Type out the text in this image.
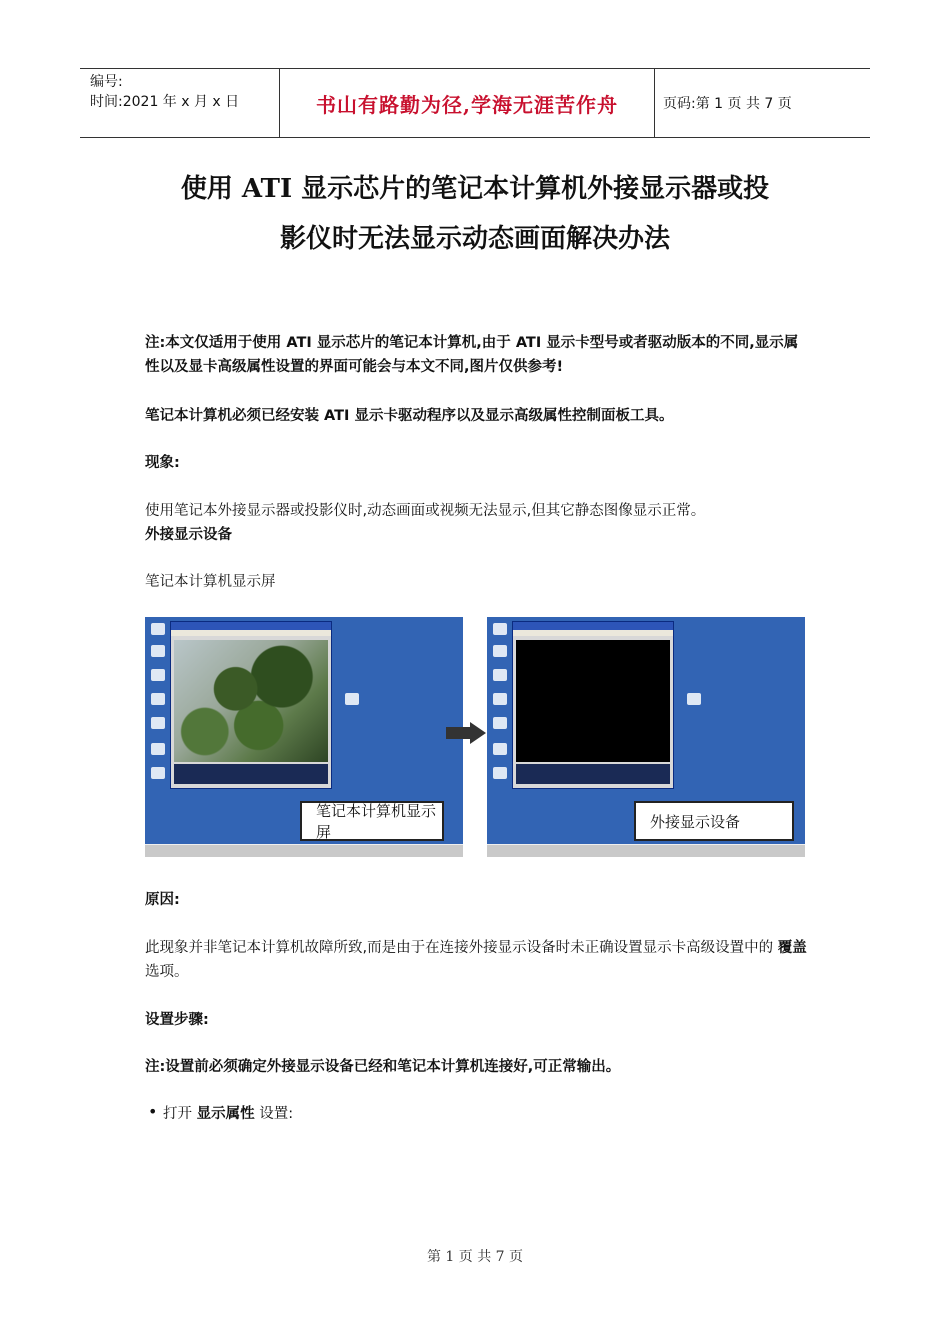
编号:
时间:2021 年 x 月 x 日	书山有路勤为径,学海无涯苦作舟	页码:第 1 页 共 7 页
使用 ATI 显示芯片的笔记本计算机外接显示器或投
影仪时无法显示动态画面解决办法
注:本文仅适用于使用 ATI 显示芯片的笔记本计算机,由于 ATI 显示卡型号或者驱动版本的不同,显示属性以及显卡高级属性设置的界面可能会与本文不同,图片仅供参考!
笔记本计算机必须已经安装 ATI 显示卡驱动程序以及显示高级属性控制面板工具。
现象:
使用笔记本外接显示器或投影仪时,动态画面或视频无法显示,但其它静态图像显示正常。
外接显示设备
笔记本计算机显示屏
笔记本计算机显示屏
外接显示设备
原因:
此现象并非笔记本计算机故障所致,而是由于在连接外接显示设备时未正确设置显示卡高级设置中的 覆盖 选项。
设置步骤:
注:设置前必须确定外接显示设备已经和笔记本计算机连接好,可正常输出。
• 打开 显示属性 设置:
第 1 页 共 7 页
